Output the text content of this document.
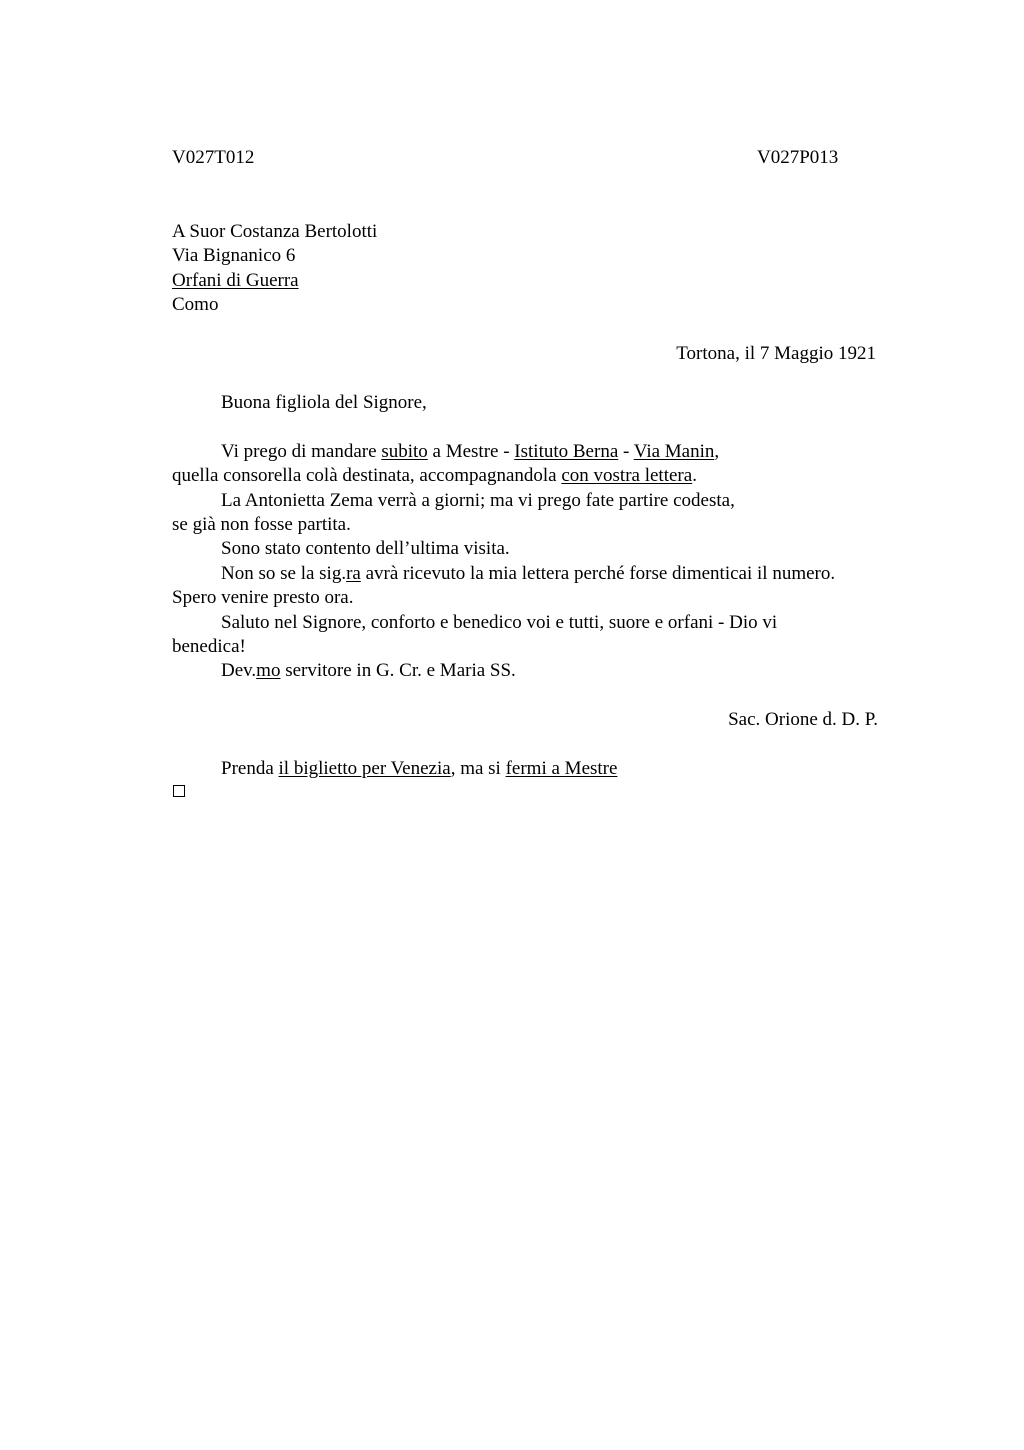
V027T012	V027P013
A Suor Costanza Bertolotti
Via Bignanico 6
Orfani di Guerra
Como
Tortona, il 7 Maggio 1921
Buona figliola del Signore,
Vi prego di mandare subito a Mestre - Istituto Berna - Via Manin,
quella consorella colà destinata, accompagnandola con vostra lettera.
La Antonietta Zema verrà a giorni; ma vi prego fate partire codesta,
se già non fosse partita.
Sono stato contento dell’ultima visita.
Non so se la sig.ra avrà ricevuto la mia lettera perché forse dimenticai il numero.
Spero venire presto ora.
Saluto nel Signore, conforto e benedico voi e tutti, suore e orfani - Dio vi
benedica!
Dev.mo servitore in G. Cr. e Maria SS.
Sac. Orione d. D. P.
Prenda il biglietto per Venezia, ma si fermi a Mestre
